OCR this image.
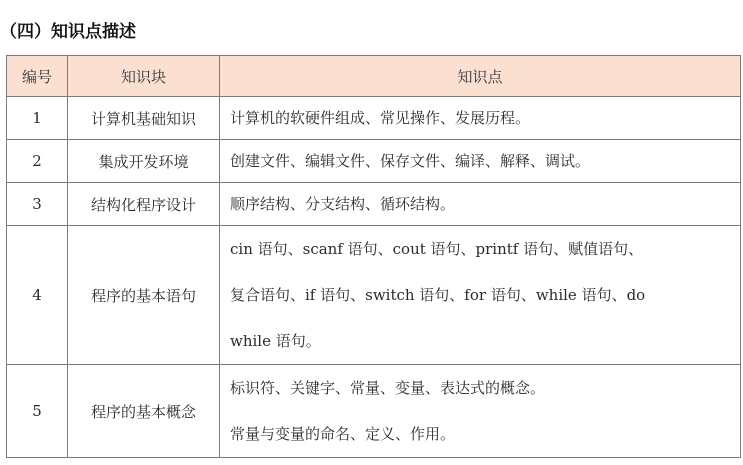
（四）知识点描述
编号	知识块	知识点
1	计算机基础知识	计算机的软硬件组成、常见操作、发展历程。

2	集成开发环境	创建文件、编辑文件、保存文件、编译、解释、调试。

3	结构化程序设计	顺序结构、分支结构、循环结构。

4	程序的基本语句	cin 语句、scanf 语句、cout 语句、printf 语句、赋值语句、
复合语句、if 语句、switch 语句、for 语句、while 语句、do
while 语句。

5	程序的基本概念	标识符、关键字、常量、变量、表达式的概念。
常量与变量的命名、定义、作用。
